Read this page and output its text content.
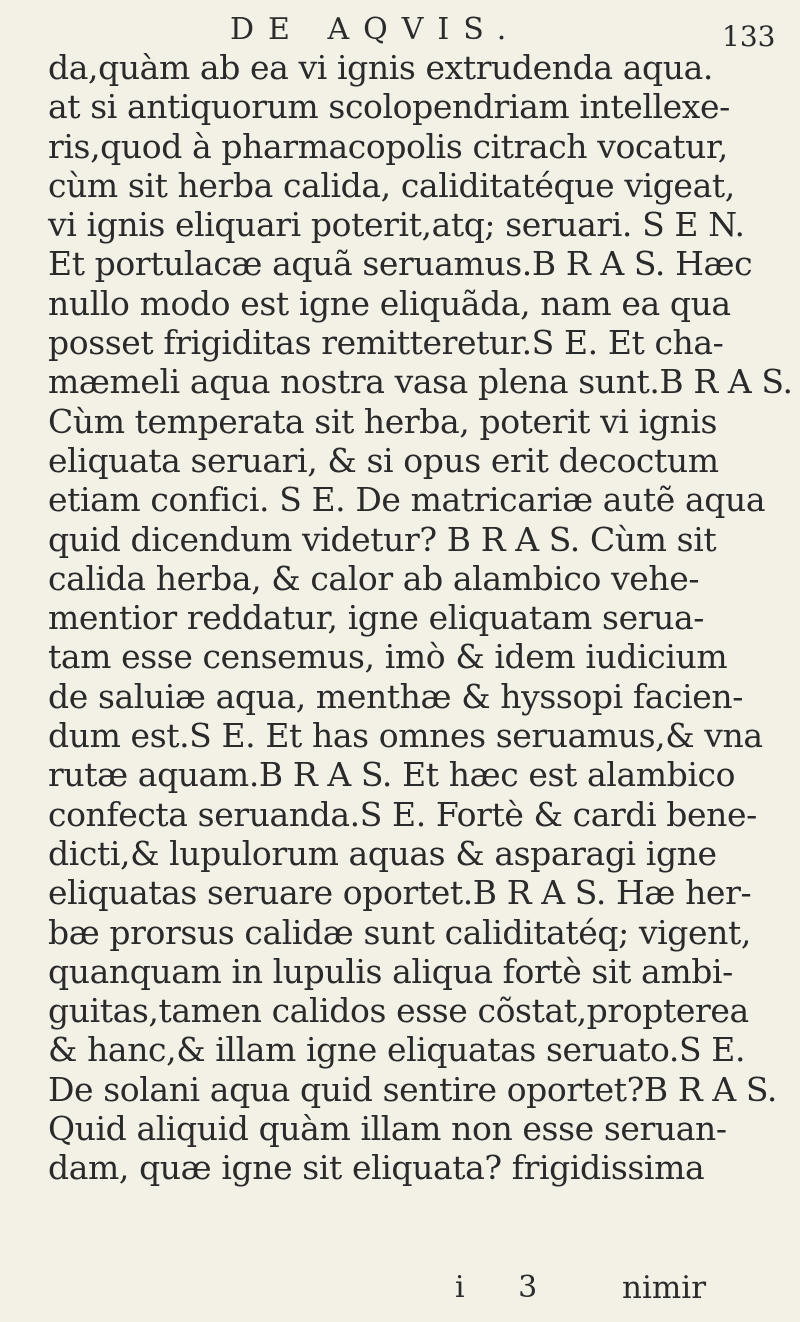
DE AQVIS.	133
da,quàm ab ea vi ignis extrudenda aqua.
at si antiquorum scolopendriam intellexe-
ris,quod à pharmacopolis citrach vocatur,
cùm sit herba calida, caliditatéque vigeat,
vi ignis eliquari poterit,atq; seruari. S E N.
Et portulacæ aquã seruamus.B R A S. Hæc
nullo modo est igne eliquãda, nam ea qua
posset frigiditas remitteretur.S E. Et cha-
mæmeli aqua nostra vasa plena sunt.B R A S.
Cùm temperata sit herba, poterit vi ignis
eliquata seruari, & si opus erit decoctum
etiam confici. S E. De matricariæ autẽ aqua
quid dicendum videtur? B R A S. Cùm sit
calida herba, & calor ab alambico vehe-
mentior reddatur, igne eliquatam serua-
tam esse censemus, imò & idem iudicium
de saluiæ aqua, menthæ & hyssopi facien-
dum est.S E. Et has omnes seruamus,& vna
rutæ aquam.B R A S. Et hæc est alambico
confecta seruanda.S E. Fortè & cardi bene-
dicti,& lupulorum aquas & asparagi igne
eliquatas seruare oportet.B R A S. Hæ her-
bæ prorsus calidæ sunt caliditatéq; vigent,
quanquam in lupulis aliqua fortè sit ambi-
guitas,tamen calidos esse cõstat,propterea
& hanc,& illam igne eliquatas seruato.S E.
De solani aqua quid sentire oportet?B R A S.
Quid aliquid quàm illam non esse seruan-
dam, quæ igne sit eliquata? frigidissima
i 3 nimir
